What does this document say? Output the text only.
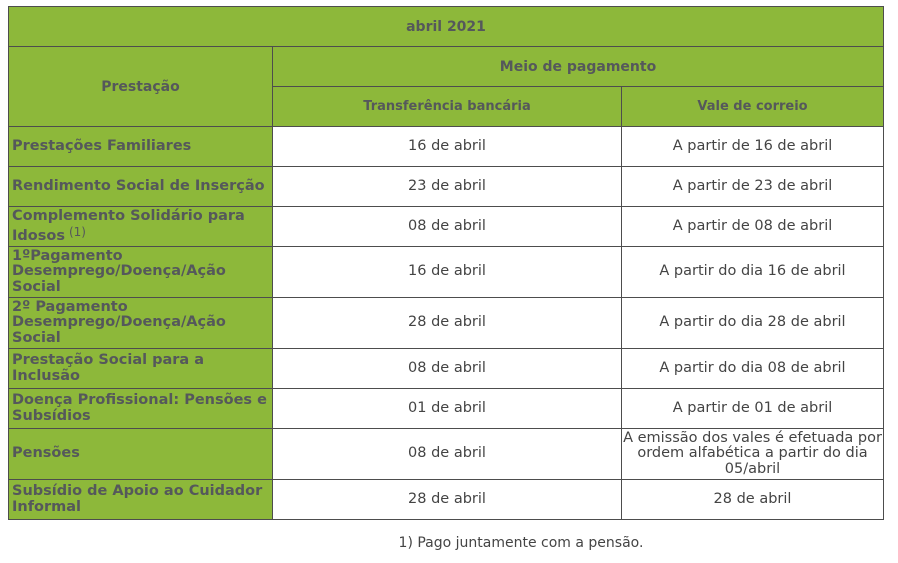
abril 2021		
Prestação	Meio de pagamento	
	Transferência bancária	Vale de correio
Prestações Familiares	16 de abril	A partir de 16 de abril
Rendimento Social de Inserção	23 de abril	A partir de 23 de abril
Complemento Solidário para Idosos $^{(1)}$	08 de abril	A partir de 08 de abril
1ºPagamento Desemprego/Doença/Ação Social	16 de abril	A partir do dia 16 de abril
2º Pagamento Desemprego/Doença/Ação Social	28 de abril	A partir do dia 28 de abril
Prestação Social para a Inclusão	08 de abril	A partir do dia 08 de abril
Doença Profissional: Pensões e Subsídios	01 de abril	A partir de 01 de abril
Pensões	08 de abril	A emissão dos vales é efetuada por ordem alfabética a partir do dia 05/abril
Subsídio de Apoio ao Cuidador Informal	28 de abril	28 de abril
1) Pago juntamente com a pensão.
